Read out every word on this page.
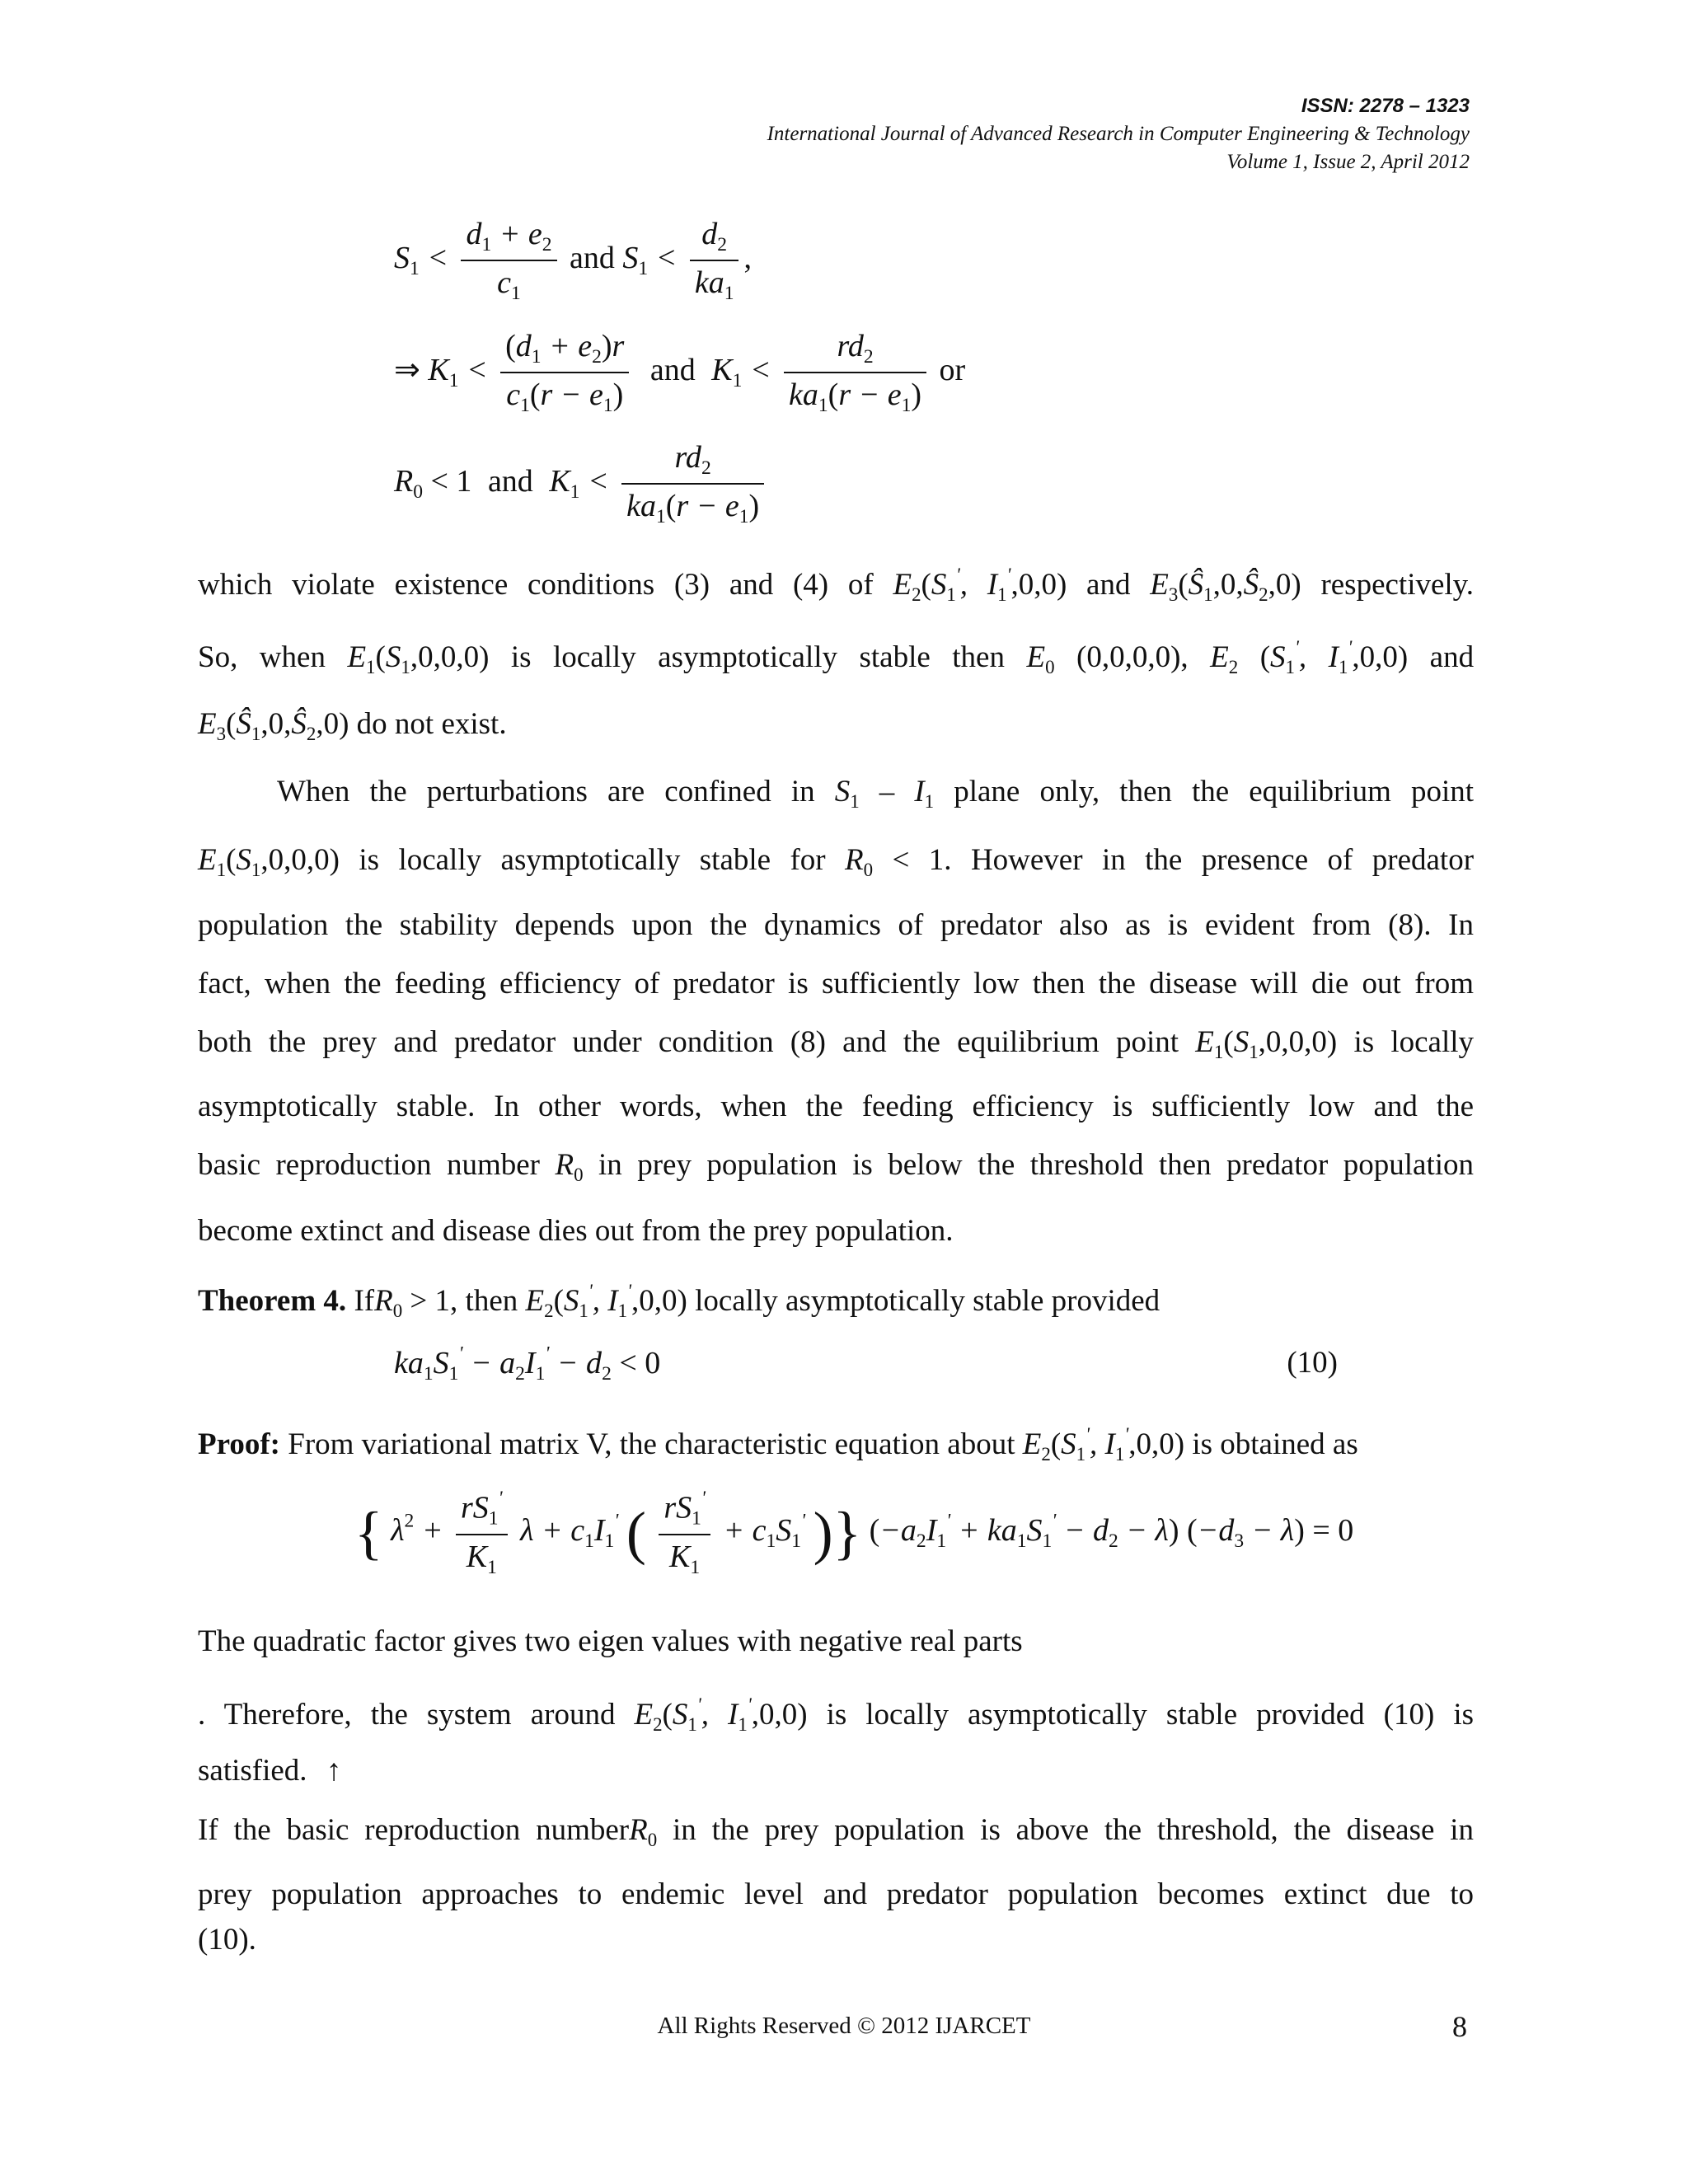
ISSN: 2278 – 1323
International Journal of Advanced Research in Computer Engineering & Technology
Volume 1, Issue 2, April 2012
$S_1 < \frac{d_1 + e_2}{c_1}$ and $S_1 < \frac{d_2}{ka_1}$ ,
⇒ $K_1 < \frac{(d_1 + e_2)r}{c_1(r - e_1)}$ and $K_1 < \frac{rd_2}{ka_1(r - e_1)}$ or
$R_0 < 1$ and $K_1 < \frac{rd_2}{ka_1(r - e_1)}$
which violate existence conditions (3) and (4) of $E_2(S_1'$, $I_1',0,0$) and $E_3(Ŝ_1,0,Ŝ_2,0)$ respectively.
So, when $E_1(S_1,0,0,0)$ is locally asymptotically stable then $E_0$ (0,0,0,0), $E_2$ ($S_1'$, $I_1',0,0$) and
$E_3(Ŝ_1,0,Ŝ_2,0)$ do not exist.
When the perturbations are confined in $S_1 - I_1$ plane only, then the equilibrium point
$E_1(S_1,0,0,0)$ is locally asymptotically stable for $R_0 < 1$. However in the presence of predator
population the stability depends upon the dynamics of predator also as is evident from (8). In
fact, when the feeding efficiency of predator is sufficiently low then the disease will die out from
both the prey and predator under condition (8) and the equilibrium point $E_1(S_1,0,0,0)$ is locally
asymptotically stable. In other words, when the feeding efficiency is sufficiently low and the
basic reproduction number $R_0$ in prey population is below the threshold then predator population
become extinct and disease dies out from the prey population.
Theorem 4. IfR$_0$ > 1, then $E_2(S_1'$, $I_1',0,0$) locally asymptotically stable provided
$ka_1S_1' - a_2I_1' - d_2 < 0$	(10)
Proof: From variational matrix V, the characteristic equation about $E_2(S_1'$, $I_1',0,0$) is obtained as
{ $\lambda^2 + \frac{rS_1'}{K_1}$ $\lambda + c_1I_1'$ ( $\frac{rS_1'}{K_1} + c_1S_1'$ )} $(-a_2I_1' + ka_1S_1' - d_2 - \lambda) (-d_3 - \lambda) = 0$
The quadratic factor gives two eigen values with negative real parts
. Therefore, the system around $E_2(S_1'$, $I_1',0,0$) is locally asymptotically stable provided (10) is
satisfied. ↑
If the basic reproduction numberR$_0$ in the prey population is above the threshold, the disease in
prey population approaches to endemic level and predator population becomes extinct due to
(10).
All Rights Reserved © 2012 IJARCET	8
